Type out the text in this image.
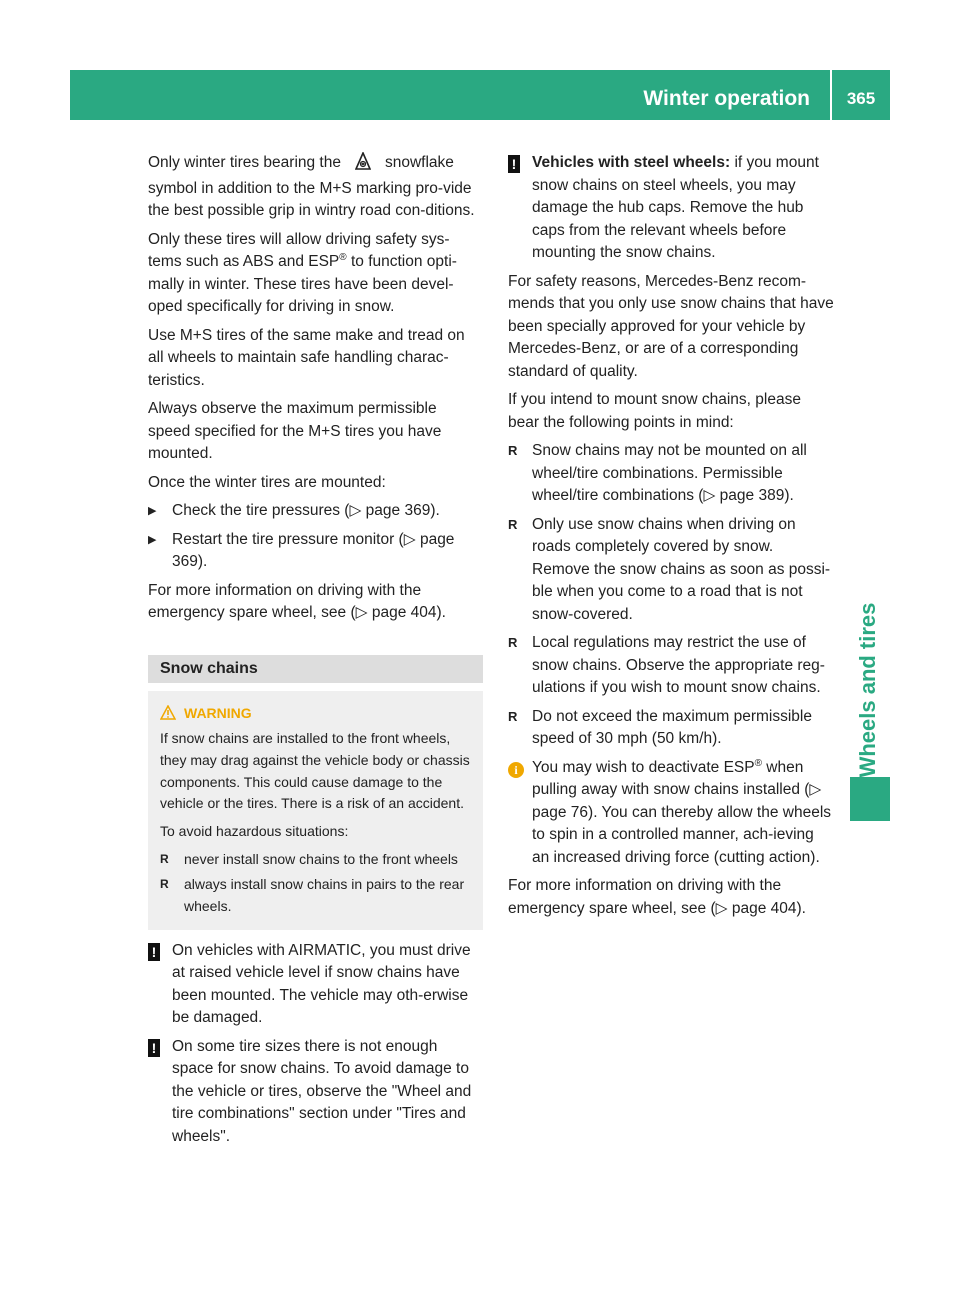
Winter operation	365
Wheels and tires

Only winter tires bearing the	snowflake symbol in addition to the M+S marking pro-vide the best possible grip in wintry road con-ditions.

Only these tires will allow driving safety sys-tems such as ABS and ESP® to function opti-mally in winter. These tires have been devel-oped specifically for driving in snow.

Use M+S tires of the same make and tread on all wheels to maintain safe handling charac-teristics.

Always observe the maximum permissible speed specified for the M+S tires you have mounted.

Once the winter tires are mounted:

▶ Check the tire pressures (▷ page 369).
▶ Restart the tire pressure monitor (▷ page 369).

For more information on driving with the emergency spare wheel, see (▷ page 404).

Snow chains
WARNING

If snow chains are installed to the front wheels, they may drag against the vehicle body or chassis components. This could cause damage to the vehicle or the tires. There is a risk of an accident.

To avoid hazardous situations:

R never install snow chains to the front wheels
R always install snow chains in pairs to the rear wheels.
! On vehicles with AIRMATIC, you must drive at raised vehicle level if snow chains have been mounted. The vehicle may oth-erwise be damaged.
! On some tire sizes there is not enough space for snow chains. To avoid damage to the vehicle or tires, observe the "Wheel and tire combinations" section under "Tires and wheels".
! Vehicles with steel wheels: if you mount snow chains on steel wheels, you may damage the hub caps. Remove the hub caps from the relevant wheels before mounting the snow chains.

For safety reasons, Mercedes-Benz recom-mends that you only use snow chains that have been specially approved for your vehicle by Mercedes-Benz, or are of a corresponding standard of quality.

If you intend to mount snow chains, please bear the following points in mind:

R Snow chains may not be mounted on all wheel/tire combinations. Permissible wheel/tire combinations (▷ page 389).
R Only use snow chains when driving on roads completely covered by snow. Remove the snow chains as soon as possi-ble when you come to a road that is not snow-covered.
R Local regulations may restrict the use of snow chains. Observe the appropriate reg-ulations if you wish to mount snow chains.
R Do not exceed the maximum permissible speed of 30 mph (50 km/h).
i You may wish to deactivate ESP® when pulling away with snow chains installed (▷ page 76). You can thereby allow the wheels to spin in a controlled manner, ach-ieving an increased driving force (cutting action).

For more information on driving with the emergency spare wheel, see (▷ page 404).
